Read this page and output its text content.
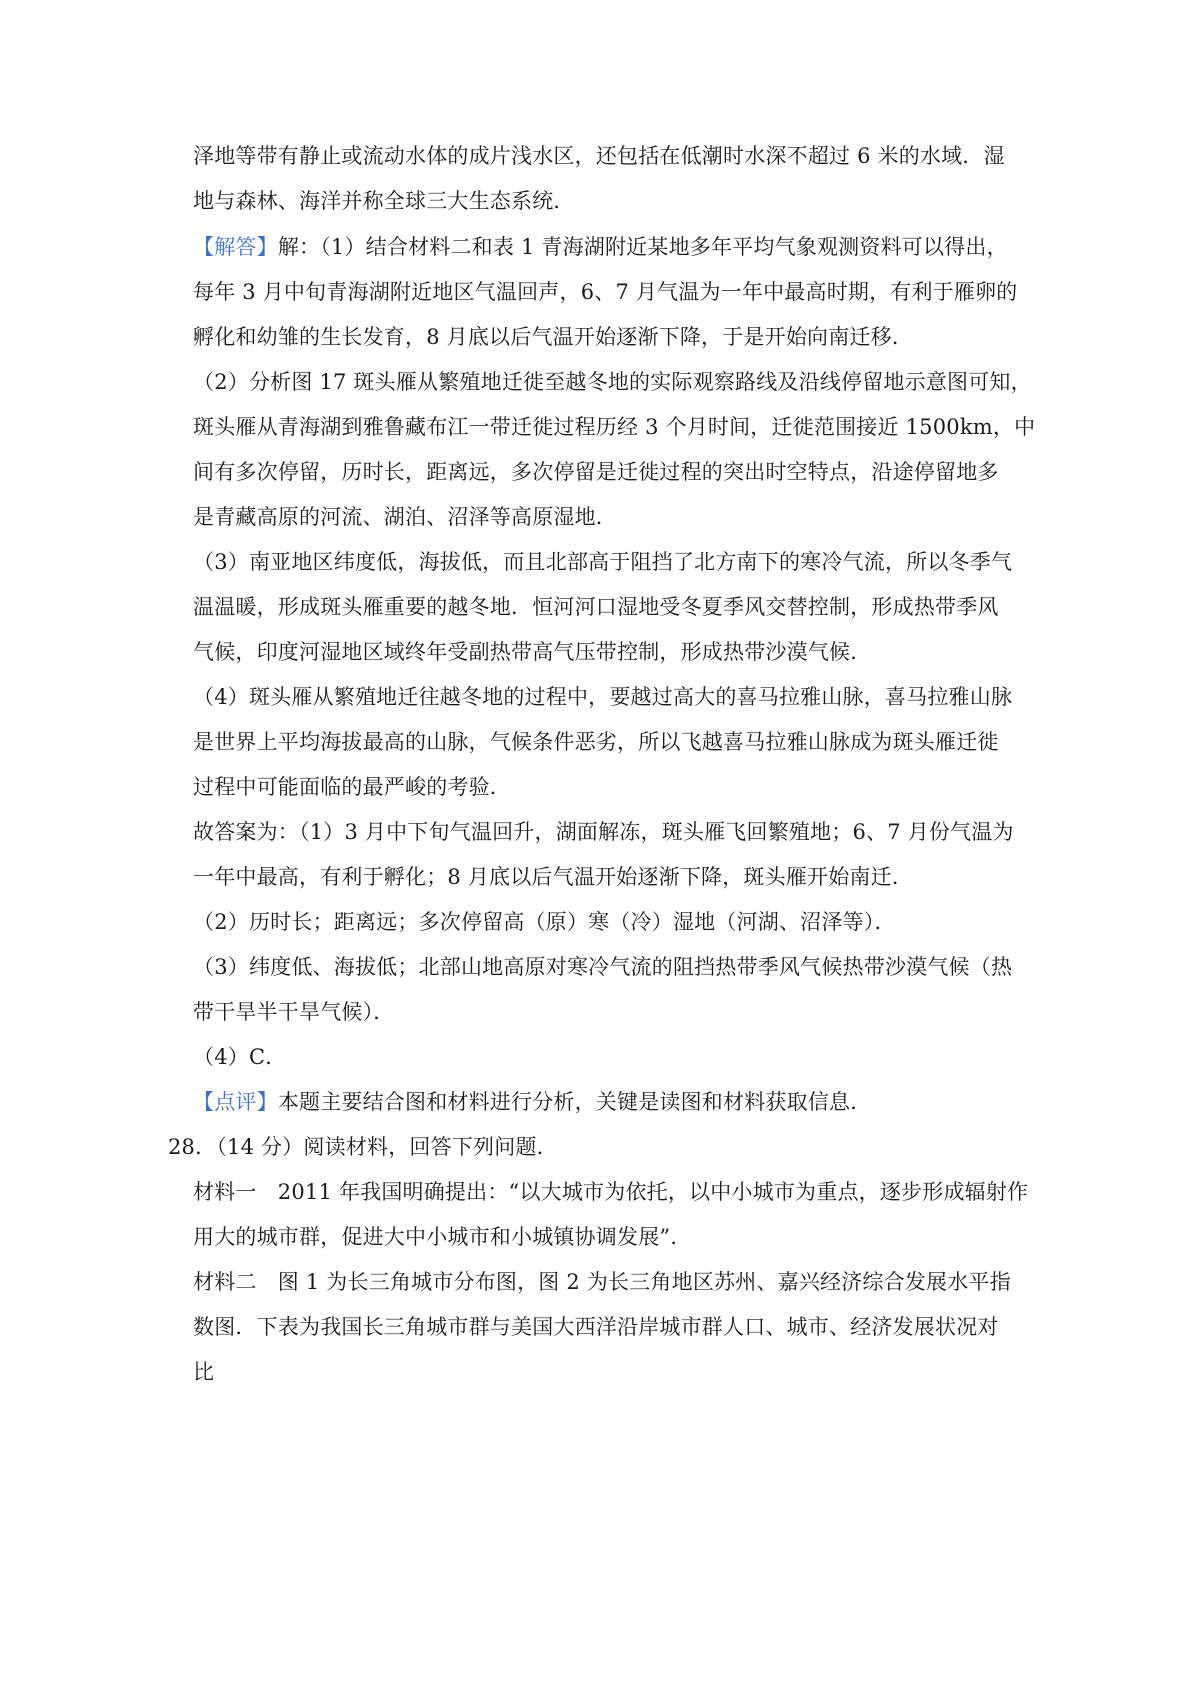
泽地等带有静止或流动水体的成片浅水区，还包括在低潮时水深不超过 6 米的水域．湿
地与森林、海洋并称全球三大生态系统．
【解答】解：（1）结合材料二和表 1 青海湖附近某地多年平均气象观测资料可以得出，
每年 3 月中旬青海湖附近地区气温回声，6、7 月气温为一年中最高时期，有利于雁卵的
孵化和幼雏的生长发育，8 月底以后气温开始逐渐下降，于是开始向南迁移．
（2）分析图 17 斑头雁从繁殖地迁徙至越冬地的实际观察路线及沿线停留地示意图可知，
斑头雁从青海湖到雅鲁藏布江一带迁徙过程历经 3 个月时间，迁徙范围接近 1500km，中
间有多次停留，历时长，距离远，多次停留是迁徙过程的突出时空特点，沿途停留地多
是青藏高原的河流、湖泊、沼泽等高原湿地．
（3）南亚地区纬度低，海拔低，而且北部高于阻挡了北方南下的寒冷气流，所以冬季气
温温暖，形成斑头雁重要的越冬地．恒河河口湿地受冬夏季风交替控制，形成热带季风
气候，印度河湿地区域终年受副热带高气压带控制，形成热带沙漠气候．
（4）斑头雁从繁殖地迁往越冬地的过程中，要越过高大的喜马拉雅山脉，喜马拉雅山脉
是世界上平均海拔最高的山脉，气候条件恶劣，所以飞越喜马拉雅山脉成为斑头雁迁徙
过程中可能面临的最严峻的考验．
故答案为：（1）3 月中下旬气温回升，湖面解冻，斑头雁飞回繁殖地；6、7 月份气温为
一年中最高，有利于孵化；8 月底以后气温开始逐渐下降，斑头雁开始南迁．
（2）历时长；距离远；多次停留高（原）寒（冷）湿地（河湖、沼泽等）．
（3）纬度低、海拔低；北部山地高原对寒冷气流的阻挡热带季风气候热带沙漠气候（热
带干旱半干旱气候）．
（4）C．
【点评】本题主要结合图和材料进行分析，关键是读图和材料获取信息．
28．（14 分）阅读材料，回答下列问题．
材料一　2011 年我国明确提出：“以大城市为依托，以中小城市为重点，逐步形成辐射作
用大的城市群，促进大中小城市和小城镇协调发展”．
材料二　图 1 为长三角城市分布图，图 2 为长三角地区苏州、嘉兴经济综合发展水平指
数图．下表为我国长三角城市群与美国大西洋沿岸城市群人口、城市、经济发展状况对
比
